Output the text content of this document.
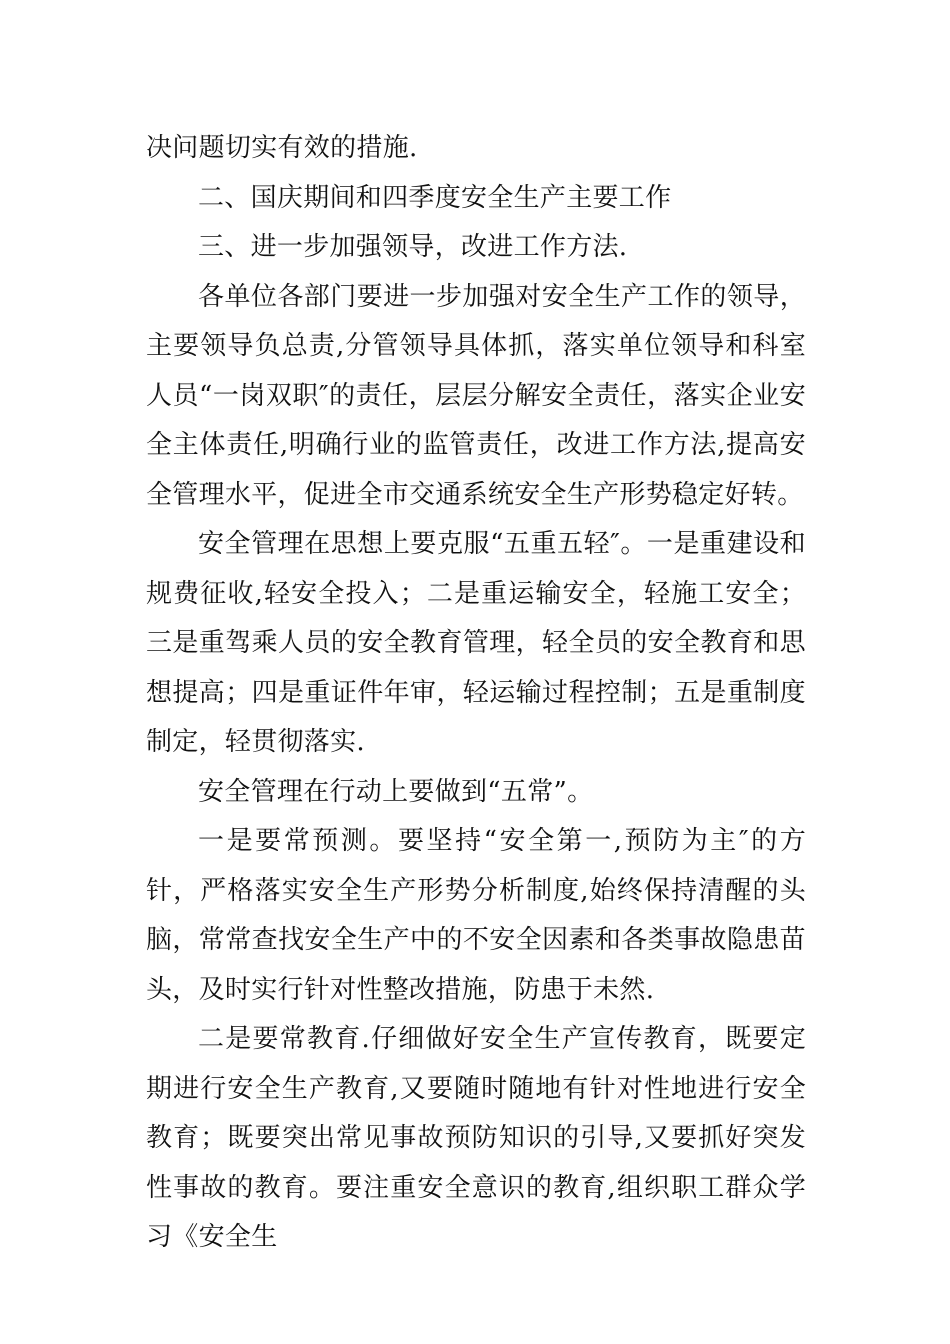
决问题切实有效的措施.

二、国庆期间和四季度安全生产主要工作

三、进一步加强领导，改进工作方法.

各单位各部门要进一步加强对安全生产工作的领导，主要领导负总责,分管领导具体抓，落实单位领导和科室人员“一岗双职″的责任，层层分解安全责任，落实企业安全主体责任,明确行业的监管责任，改进工作方法,提高安全管理水平，促进全市交通系统安全生产形势稳定好转。

安全管理在思想上要克服“五重五轻″。一是重建设和规费征收,轻安全投入；二是重运输安全，轻施工安全；三是重驾乘人员的安全教育管理，轻全员的安全教育和思想提高；四是重证件年审，轻运输过程控制；五是重制度制定，轻贯彻落实.

安全管理在行动上要做到“五常”。

一是要常预测。要坚持“安全第一,预防为主″的方针，严格落实安全生产形势分析制度,始终保持清醒的头脑，常常查找安全生产中的不安全因素和各类事故隐患苗头，及时实行针对性整改措施，防患于未然.

二是要常教育.仔细做好安全生产宣传教育，既要定期进行安全生产教育,又要随时随地有针对性地进行安全教育；既要突出常见事故预防知识的引导,又要抓好突发性事故的教育。要注重安全意识的教育,组织职工群众学习《安全生
